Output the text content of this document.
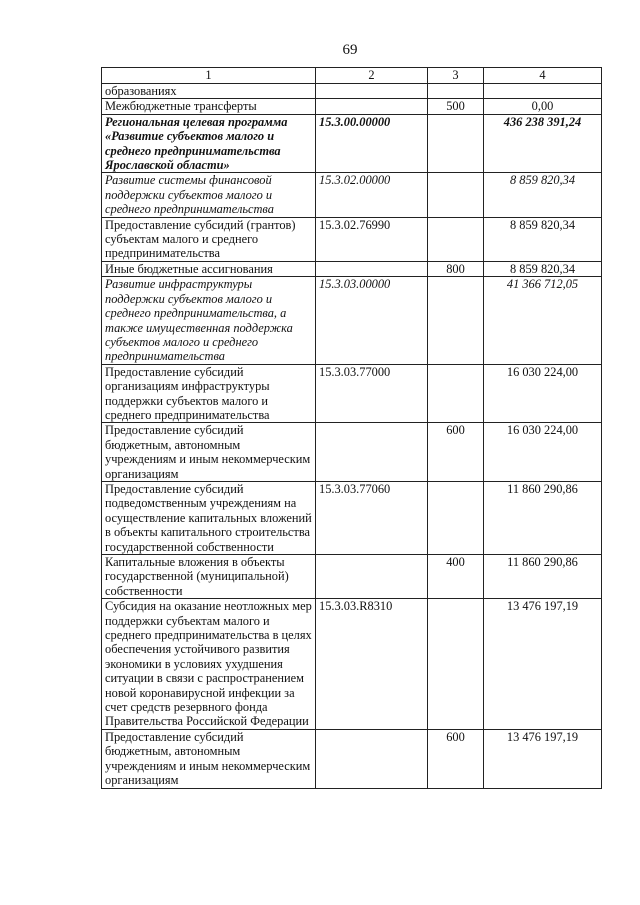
69
1	2	3	4
образованиях			
Межбюджетные трансферты		500	0,00
Региональная целевая программа «Развитие субъектов малого и среднего предпринимательства Ярославской области»	15.3.00.00000		436 238 391,24
Развитие системы финансовой поддержки субъектов малого и среднего предпринимательства	15.3.02.00000		8 859 820,34
Предоставление субсидий (грантов) субъектам малого и среднего предпринимательства	15.3.02.76990		8 859 820,34
Иные бюджетные ассигнования		800	8 859 820,34
Развитие инфраструктуры поддержки субъектов малого и среднего предпринимательства, а также имущественная поддержка субъектов малого и среднего предпринимательства	15.3.03.00000		41 366 712,05
Предоставление субсидий организациям инфраструктуры поддержки субъектов малого и среднего предпринимательства	15.3.03.77000		16 030 224,00
Предоставление субсидий бюджетным, автономным учреждениям и иным некоммерческим организациям		600	16 030 224,00
Предоставление субсидий подведомственным учреждениям на осуществление капитальных вложений в объекты капитального строительства государственной собственности	15.3.03.77060		11 860 290,86
Капитальные вложения в объекты государственной (муниципальной) собственности		400	11 860 290,86
Субсидия на оказание неотложных мер поддержки субъектам малого и среднего предпринимательства в целях обеспечения устойчивого развития экономики в условиях ухудшения ситуации в связи с распространением новой коронавирусной инфекции за счет средств резервного фонда Правительства Российской Федерации	15.3.03.R8310		13 476 197,19
Предоставление субсидий бюджетным, автономным учреждениям и иным некоммерческим организациям		600	13 476 197,19
